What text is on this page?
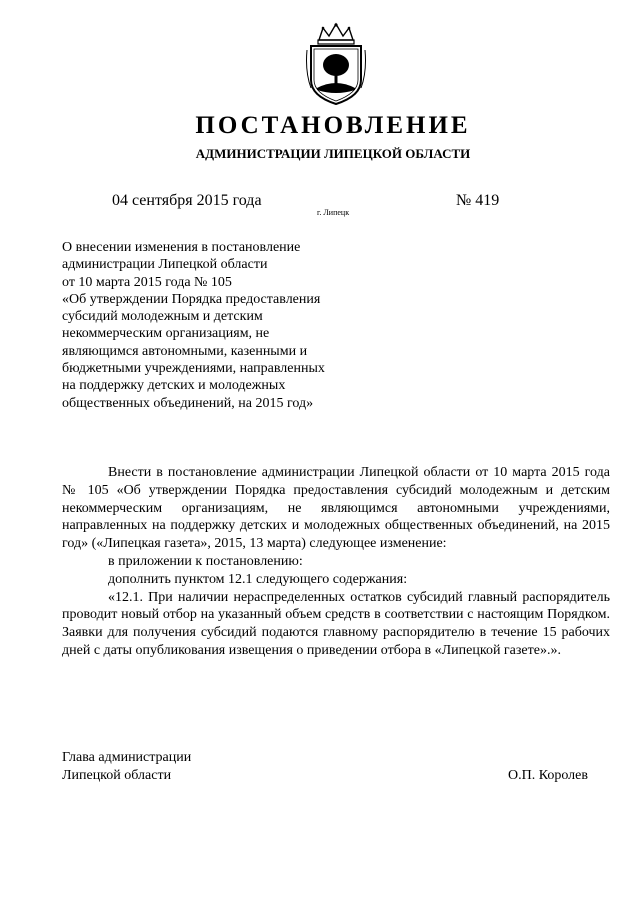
ПОСТАНОВЛЕНИЕ
АДМИНИСТРАЦИИ ЛИПЕЦКОЙ ОБЛАСТИ
04 сентября 2015 года
г. Липецк
№ 419
О внесении изменения в постановление
администрации Липецкой области
от 10 марта 2015 года № 105
«Об утверждении Порядка предоставления
субсидий молодежным и детским
некоммерческим организациям, не
являющимся автономными, казенными и
бюджетными учреждениями, направленных
на поддержку детских и молодежных
общественных объединений, на 2015 год»

Внести в постановление администрации Липецкой области от 10 марта 2015 года № 105 «Об утверждении Порядка предоставления субсидий молодежным и детским некоммерческим организациям, не являющимся автономными учреждениями, направленных на поддержку детских и молодежных общественных объединений, на 2015 год» («Липецкая газета», 2015, 13 марта) следующее изменение:

в приложении к постановлению:

дополнить пунктом 12.1 следующего содержания:

«12.1. При наличии нераспределенных остатков субсидий главный распорядитель проводит новый отбор на указанный объем средств в соответствии с настоящим Порядком. Заявки для получения субсидий подаются главному распорядителю в течение 15 рабочих дней с даты опубликования извещения о приведении отбора в «Липецкой газете».».

Глава администрации
Липецкой области	О.П. Королев
